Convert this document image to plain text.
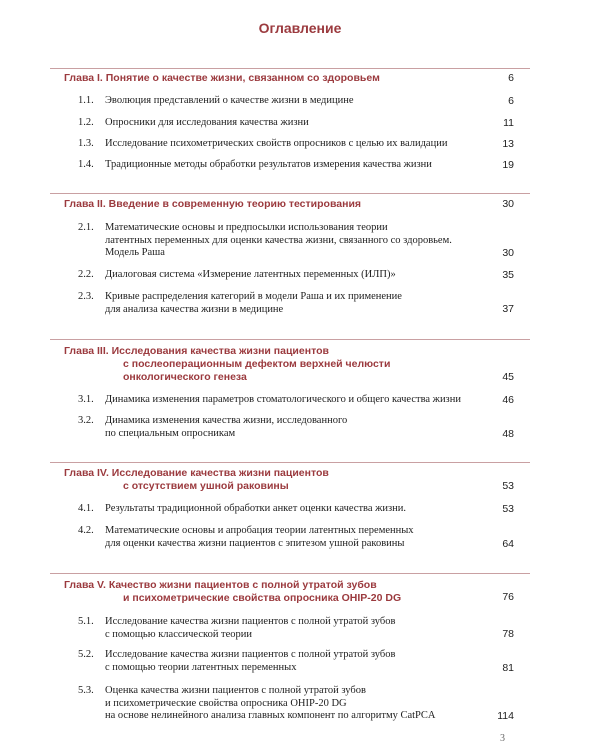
Оглавление
Глава I. Понятие о качестве жизни, связанном со здоровьем	6
1.1. Эволюция представлений о качестве жизни в медицине	6
1.2. Опросники для исследования качества жизни	11
1.3. Исследование психометрических свойств опросников с целью их валидации	13
1.4. Традиционные методы обработки результатов измерения качества жизни	19
Глава II. Введение в современную теорию тестирования	30
2.1. Математические основы и предпосылки использования теории
латентных переменных для оценки качества жизни, связанного со здоровьем.
Модель Раша	30
2.2. Диалоговая система «Измерение латентных переменных (ИЛП)»	35
2.3. Кривые распределения категорий в модели Раша и их применение
для анализа качества жизни в медицине	37
Глава III. Исследования качества жизни пациентов
с послеоперационным дефектом верхней челюсти
онкологического генеза	45
3.1. Динамика изменения параметров стоматологического и общего качества жизни	46
3.2. Динамика изменения качества жизни, исследованного
по специальным опросникам	48
Глава IV. Исследование качества жизни пациентов
с отсутствием ушной раковины	53
4.1. Результаты традиционной обработки анкет оценки качества жизни.	53
4.2. Математические основы и апробация теории латентных переменных
для оценки качества жизни пациентов с эпитезом ушной раковины	64
Глава V. Качество жизни пациентов с полной утратой зубов
и психометрические свойства опросника OHIP-20 DG	76
5.1. Исследование качества жизни пациентов с полной утратой зубов
с помощью классической теории	78
5.2. Исследование качества жизни пациентов с полной утратой зубов
с помощью теории латентных переменных	81
5.3. Оценка качества жизни пациентов с полной утратой зубов
и психометрические свойства опросника OHIP-20 DG
на основе нелинейного анализа главных компонент по алгоритму CatPCA	114
3
